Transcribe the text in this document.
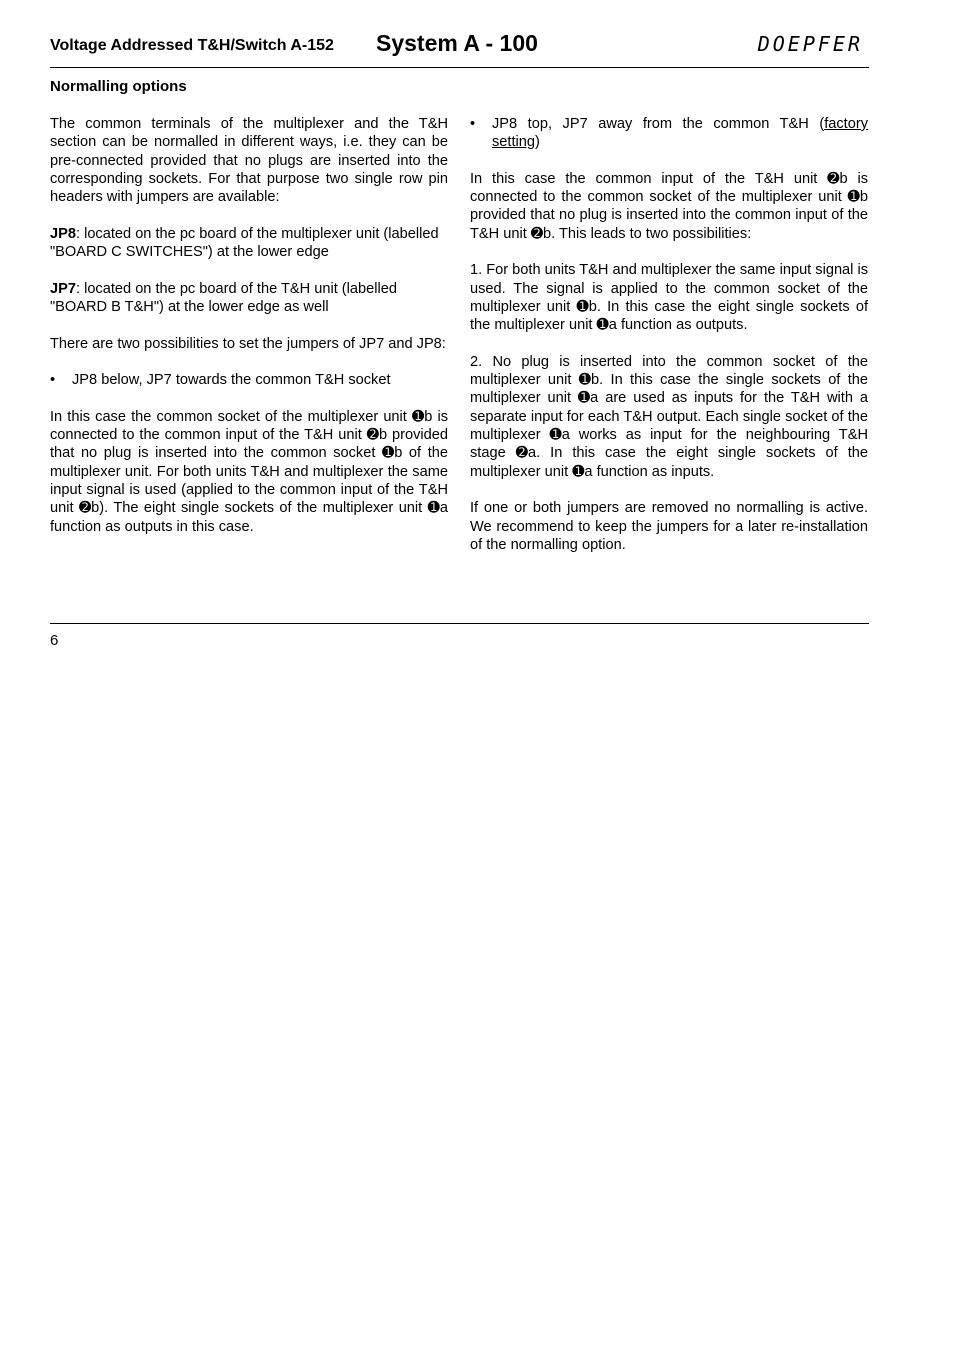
Voltage Addressed T&H/Switch A-152 System A - 100	DOEPFER
Normalling options

The common terminals of the multiplexer and the T&H section can be normalled in different ways, i.e. they can be pre-connected provided that no plugs are inserted into the corresponding sockets. For that purpose two single row pin headers with jumpers are available:

JP8: located on the pc board of the multiplexer unit (labelled "BOARD C SWITCHES") at the lower edge

JP7: located on the pc board of the T&H unit (labelled "BOARD B T&H") at the lower edge as well

There are two possibilities to set the jumpers of JP7 and JP8:

• JP8 below, JP7 towards the common T&H socket

In this case the common socket of the multiplexer unit ➊b is connected to the common input of the T&H unit ➋b provided that no plug is inserted into the common socket ➊b of the multiplexer unit. For both units T&H and multiplexer the same input signal is used (applied to the common input of the T&H unit ➋b). The eight single sockets of the multiplexer unit ➊a function as outputs in this case.

• JP8 top, JP7 away from the common T&H (factory setting)

In this case the common input of the T&H unit ➋b is connected to the common socket of the multiplexer unit ➊b provided that no plug is inserted into the common input of the T&H unit ➋b. This leads to two possibilities:

1. For both units T&H and multiplexer the same input signal is used. The signal is applied to the common socket of the multiplexer unit ➊b. In this case the eight single sockets of the multiplexer unit ➊a function as outputs.

2. No plug is inserted into the common socket of the multiplexer unit ➊b. In this case the single sockets of the multiplexer unit ➊a are used as inputs for the T&H with a separate input for each T&H output. Each single socket of the multiplexer ➊a works as input for the neighbouring T&H stage ➋a. In this case the eight single sockets of the multiplexer unit ➊a function as inputs.

If one or both jumpers are removed no normalling is active. We recommend to keep the jumpers for a later re-installation of the normalling option.

6
